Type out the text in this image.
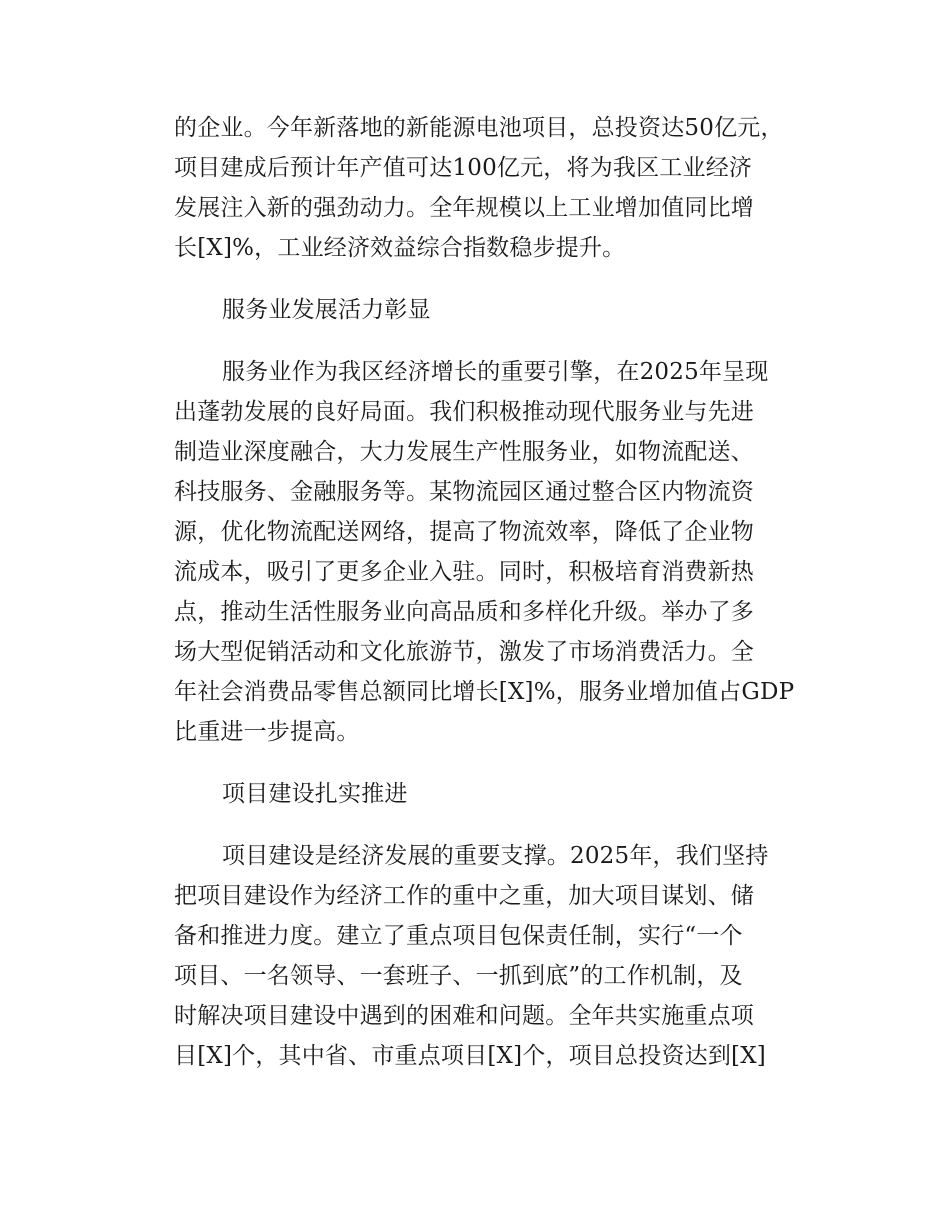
的企业。今年新落地的新能源电池项目，总投资达50亿元，
项目建成后预计年产值可达100亿元，将为我区工业经济
发展注入新的强劲动力。全年规模以上工业增加值同比增
长[X]%，工业经济效益综合指数稳步提升。
服务业发展活力彰显
服务业作为我区经济增长的重要引擎，在2025年呈现
出蓬勃发展的良好局面。我们积极推动现代服务业与先进
制造业深度融合，大力发展生产性服务业，如物流配送、
科技服务、金融服务等。某物流园区通过整合区内物流资
源，优化物流配送网络，提高了物流效率，降低了企业物
流成本，吸引了更多企业入驻。同时，积极培育消费新热
点，推动生活性服务业向高品质和多样化升级。举办了多
场大型促销活动和文化旅游节，激发了市场消费活力。全
年社会消费品零售总额同比增长[X]%，服务业增加值占GDP
比重进一步提高。
项目建设扎实推进
项目建设是经济发展的重要支撑。2025年，我们坚持
把项目建设作为经济工作的重中之重，加大项目谋划、储
备和推进力度。建立了重点项目包保责任制，实行“一个
项目、一名领导、一套班子、一抓到底”的工作机制，及
时解决项目建设中遇到的困难和问题。全年共实施重点项
目[X]个，其中省、市重点项目[X]个，项目总投资达到[X]
